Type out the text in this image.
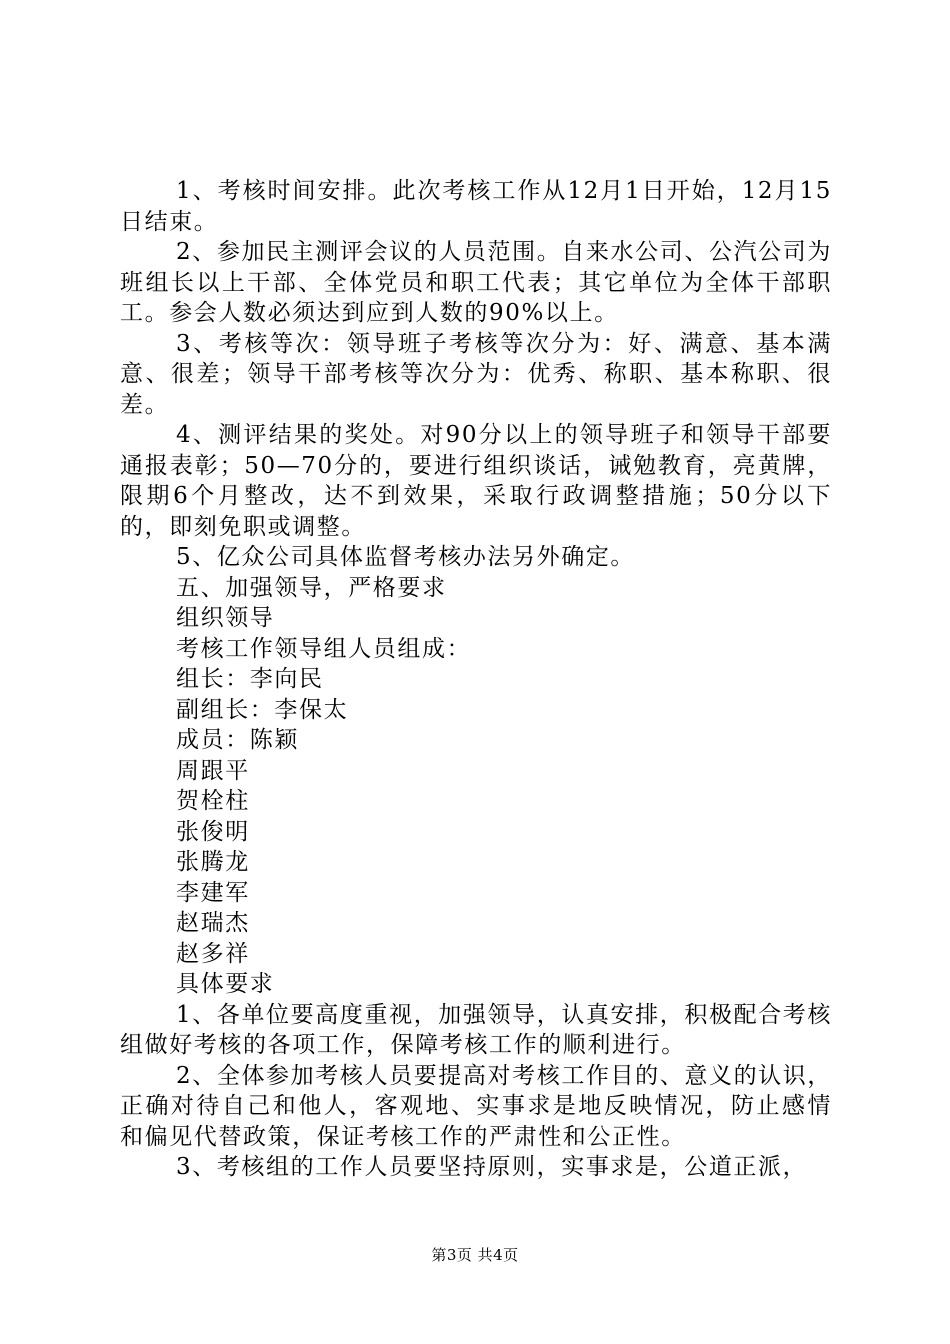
1、考核时间安排。此次考核工作从12月1日开始，12月15日结束。

2、参加民主测评会议的人员范围。自来水公司、公汽公司为班组长以上干部、全体党员和职工代表；其它单位为全体干部职工。参会人数必须达到应到人数的90%以上。

3、考核等次：领导班子考核等次分为：好、满意、基本满意、很差；领导干部考核等次分为：优秀、称职、基本称职、很差。

4、测评结果的奖处。对90分以上的领导班子和领导干部要通报表彰；50—70分的，要进行组织谈话，诫勉教育，亮黄牌，限期6个月整改，达不到效果，采取行政调整措施；50分以下的，即刻免职或调整。

5、亿众公司具体监督考核办法另外确定。

五、加强领导，严格要求

组织领导

考核工作领导组人员组成：

组长：李向民

副组长：李保太

成员：陈颖

周跟平

贺栓柱

张俊明

张腾龙

李建军

赵瑞杰

赵多祥

具体要求

1、各单位要高度重视，加强领导，认真安排，积极配合考核组做好考核的各项工作，保障考核工作的顺利进行。

2、全体参加考核人员要提高对考核工作目的、意义的认识，正确对待自己和他人，客观地、实事求是地反映情况，防止感情和偏见代替政策，保证考核工作的严肃性和公正性。

3、考核组的工作人员要坚持原则，实事求是，公道正派，

第3页 共4页
